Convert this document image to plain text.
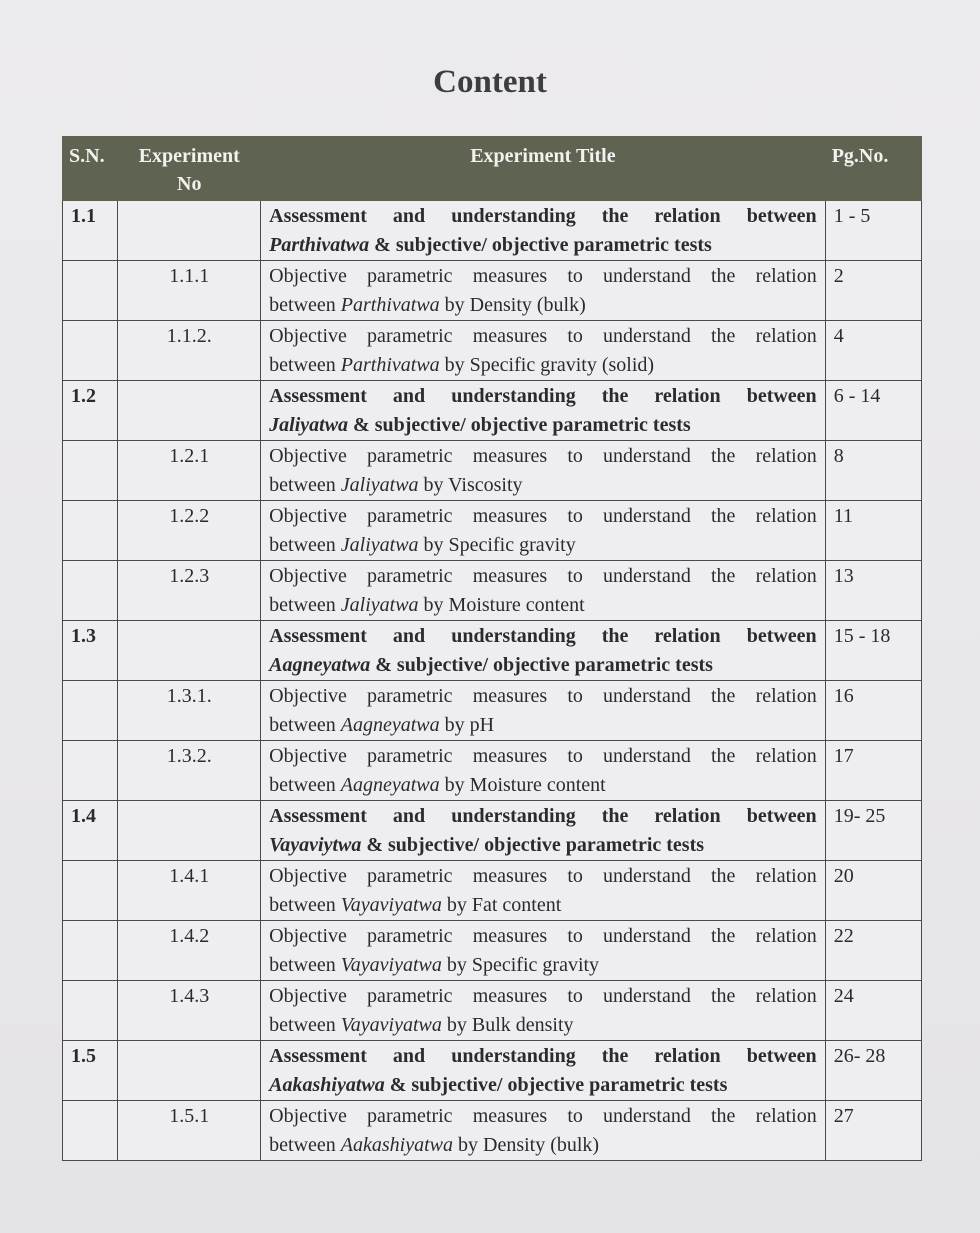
Content
S.N.	Experiment No	Experiment Title	Pg.No.
1.1		Assessment and understanding the relation between
Parthivatwa & subjective/ objective parametric tests	1 - 5
	1.1.1	Objective parametric measures to understand the relation
between Parthivatwa by Density (bulk)	2
	1.1.2.	Objective parametric measures to understand the relation
between Parthivatwa by Specific gravity (solid)	4
1.2		Assessment and understanding the relation between
Jaliyatwa & subjective/ objective parametric tests	6 - 14
	1.2.1	Objective parametric measures to understand the relation
between Jaliyatwa by Viscosity	8
	1.2.2	Objective parametric measures to understand the relation
between Jaliyatwa by Specific gravity	11
	1.2.3	Objective parametric measures to understand the relation
between Jaliyatwa by Moisture content	13
1.3		Assessment and understanding the relation between
Aagneyatwa & subjective/ objective parametric tests	15 - 18
	1.3.1.	Objective parametric measures to understand the relation
between Aagneyatwa by pH	16
	1.3.2.	Objective parametric measures to understand the relation
between Aagneyatwa by Moisture content	17
1.4		Assessment and understanding the relation between
Vayaviytwa & subjective/ objective parametric tests	19- 25
	1.4.1	Objective parametric measures to understand the relation
between Vayaviyatwa by Fat content	20
	1.4.2	Objective parametric measures to understand the relation
between Vayaviyatwa by Specific gravity	22
	1.4.3	Objective parametric measures to understand the relation
between Vayaviyatwa by Bulk density	24
1.5		Assessment and understanding the relation between
Aakashiyatwa & subjective/ objective parametric tests	26- 28
	1.5.1	Objective parametric measures to understand the relation
between Aakashiyatwa by Density (bulk)	27
